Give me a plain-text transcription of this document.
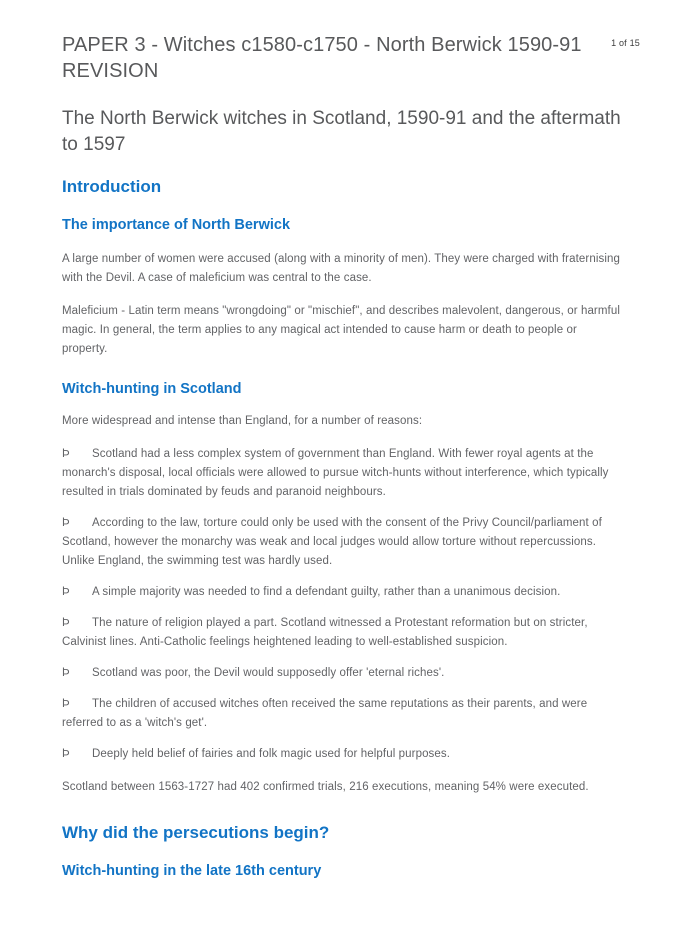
1 of 15
PAPER 3 - Witches c1580-c1750 - North Berwick 1590-91 REVISION
The North Berwick witches in Scotland, 1590-91 and the aftermath to 1597
Introduction
The importance of North Berwick

A large number of women were accused (along with a minority of men). They were charged with fraternising with the Devil. A case of maleficium was central to the case.

Maleficium - Latin term means "wrongdoing" or "mischief", and describes malevolent, dangerous, or harmful magic. In general, the term applies to any magical act intended to cause harm or death to people or property.

Witch-hunting in Scotland

More widespread and intense than England, for a number of reasons:

Þ Scotland had a less complex system of government than England. With fewer royal agents at the monarch's disposal, local officials were allowed to pursue witch-hunts without interference, which typically resulted in trials dominated by feuds and paranoid neighbours.

Þ According to the law, torture could only be used with the consent of the Privy Council/parliament of Scotland, however the monarchy was weak and local judges would allow torture without repercussions. Unlike England, the swimming test was hardly used.

Þ A simple majority was needed to find a defendant guilty, rather than a unanimous decision.

Þ The nature of religion played a part. Scotland witnessed a Protestant reformation but on stricter, Calvinist lines. Anti-Catholic feelings heightened leading to well-established suspicion.

Þ Scotland was poor, the Devil would supposedly offer 'eternal riches'.

Þ The children of accused witches often received the same reputations as their parents, and were referred to as a 'witch's get'.

Þ Deeply held belief of fairies and folk magic used for helpful purposes.

Scotland between 1563-1727 had 402 confirmed trials, 216 executions, meaning 54% were executed.

Why did the persecutions begin?
Witch-hunting in the late 16th century
